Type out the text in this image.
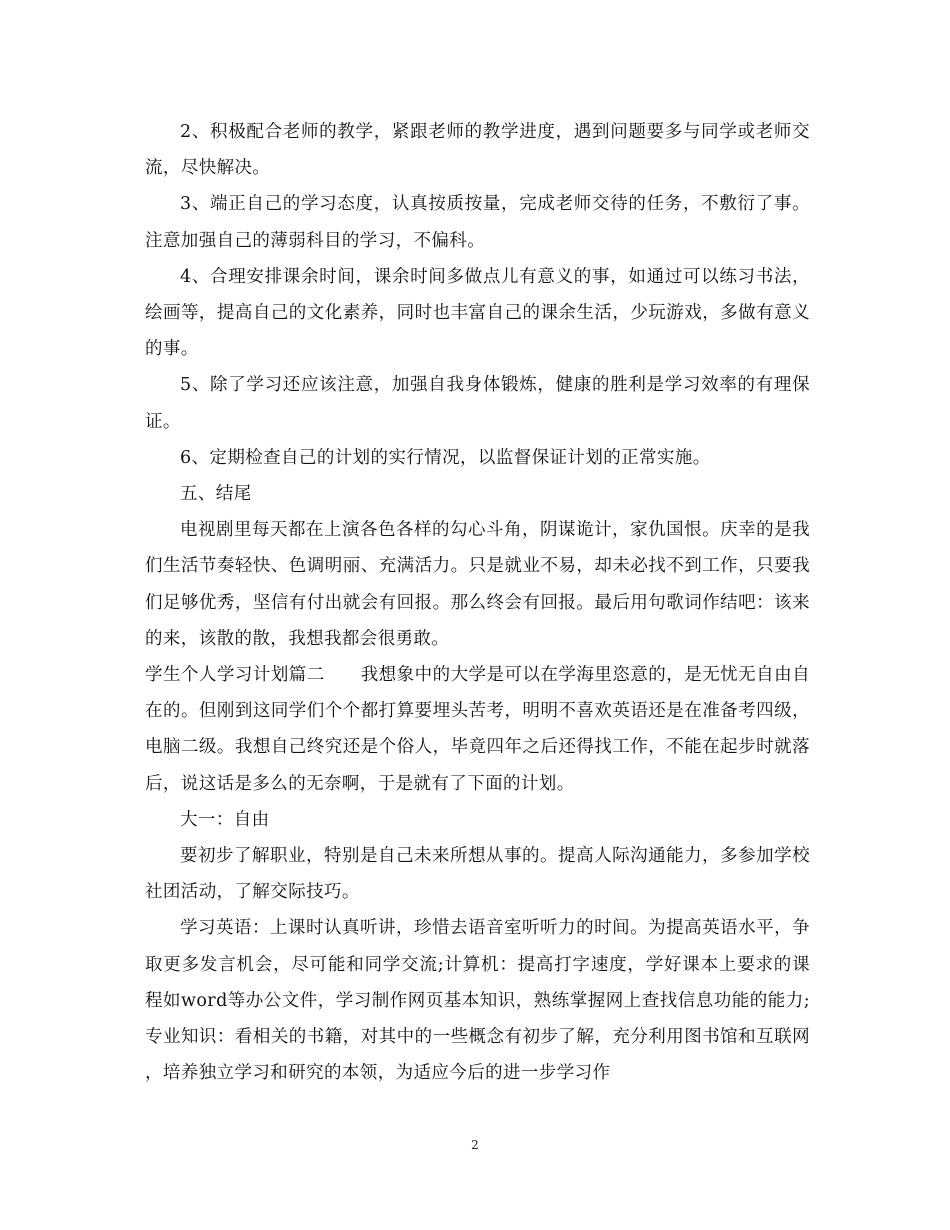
2、积极配合老师的教学，紧跟老师的教学进度，遇到问题要多与同学或老师交流，尽快解决。

3、端正自己的学习态度，认真按质按量，完成老师交待的任务，不敷衍了事。注意加强自己的薄弱科目的学习，不偏科。

4、合理安排课余时间，课余时间多做点儿有意义的事，如通过可以练习书法，绘画等，提高自己的文化素养，同时也丰富自己的课余生活，少玩游戏，多做有意义的事。

5、除了学习还应该注意，加强自我身体锻炼，健康的胜利是学习效率的有理保证。

6、定期检查自己的计划的实行情况，以监督保证计划的正常实施。

五、结尾

电视剧里每天都在上演各色各样的勾心斗角，阴谋诡计，家仇国恨。庆幸的是我们生活节奏轻快、色调明丽、充满活力。只是就业不易，却未必找不到工作，只要我们足够优秀，坚信有付出就会有回报。那么终会有回报。最后用句歌词作结吧：该来的来，该散的散，我想我都会很勇敢。

学生个人学习计划篇二　　我想象中的大学是可以在学海里恣意的，是无忧无自由自在的。但刚到这同学们个个都打算要埋头苦考，明明不喜欢英语还是在准备考四级，电脑二级。我想自己终究还是个俗人，毕竟四年之后还得找工作，不能在起步时就落后，说这话是多么的无奈啊，于是就有了下面的计划。

大一：自由

要初步了解职业，特别是自己未来所想从事的。提高人际沟通能力，多参加学校社团活动，了解交际技巧。

学习英语：上课时认真听讲，珍惜去语音室听听力的时间。为提高英语水平，争取更多发言机会，尽可能和同学交流;计算机：提高打字速度，学好课本上要求的课程如word等办公文件，学习制作网页基本知识，熟练掌握网上查找信息功能的能力;专业知识：看相关的书籍，对其中的一些概念有初步了解，充分利用图书馆和互联网，培养独立学习和研究的本领，为适应今后的进一步学习作

2
